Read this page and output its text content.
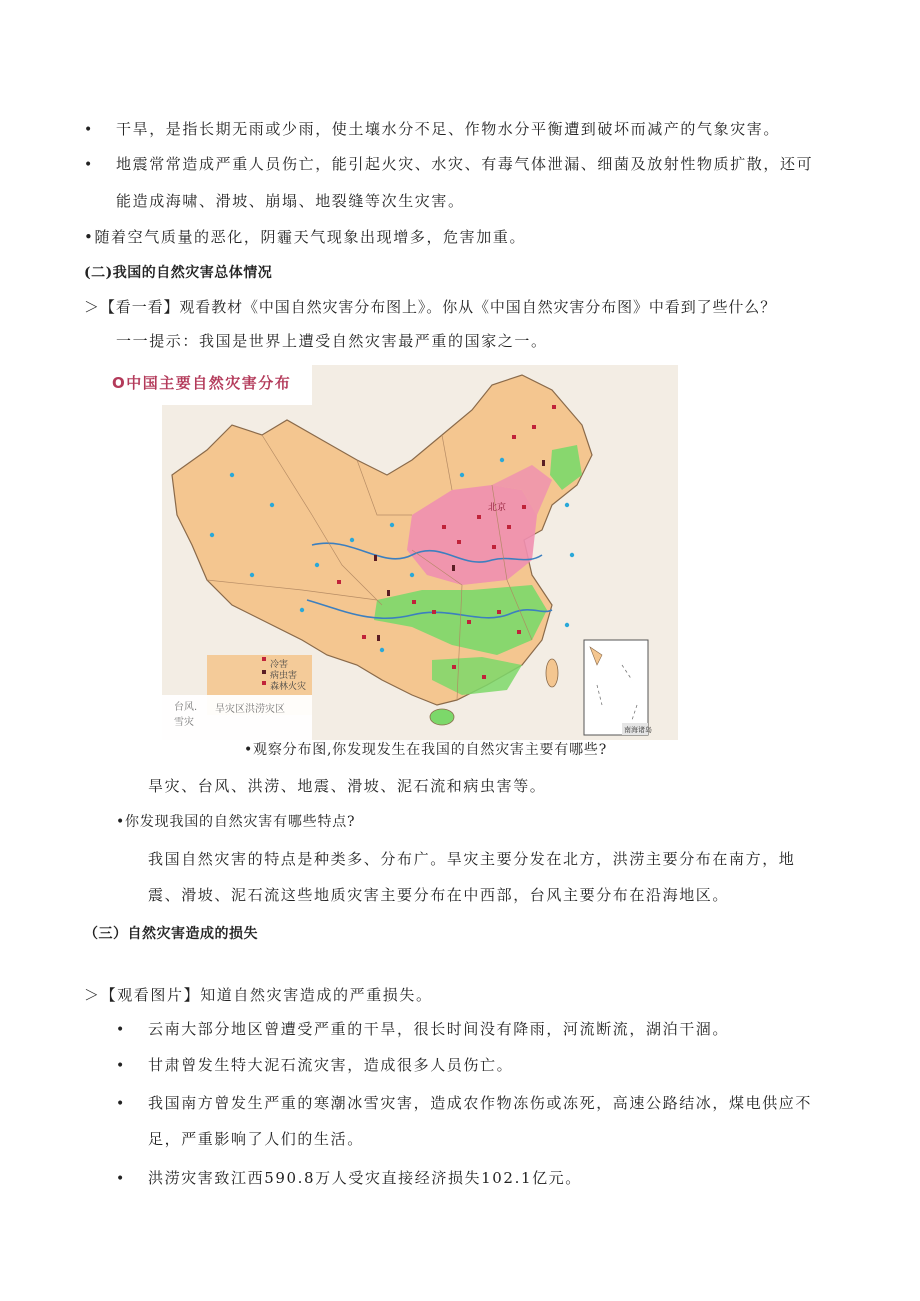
• 干旱，是指长期无雨或少雨，使土壤水分不足、作物水分平衡遭到破坏而减产的气象灾害。
• 地震常常造成严重人员伤亡，能引起火灾、水灾、有毒气体泄漏、细菌及放射性物质扩散，还可
能造成海啸、滑坡、崩塌、地裂缝等次生灾害。
•随着空气质量的恶化，阴霾天气现象出现增多，危害加重。
(二)我国的自然灾害总体情况
＞【看一看】观看教材《中国自然灾害分布图上》。你从《中国自然灾害分布图》中看到了些什么？
一一提示：我国是世界上遭受自然灾害最严重的国家之一。
北京
南海诸岛
冷害
病虫害
森林火灾
台风.
雪灾
旱灾区洪涝灾区
O中国主要自然灾害分布
•观察分布图,你发现发生在我国的自然灾害主要有哪些?
旱灾、台风、洪涝、地震、滑坡、泥石流和病虫害等。
•你发现我国的自然灾害有哪些特点?
我国自然灾害的特点是种类多、分布广。旱灾主要分发在北方，洪涝主要分布在南方，地
震、滑坡、泥石流这些地质灾害主要分布在中西部，台风主要分布在沿海地区。
（三）自然灾害造成的损失
＞【观看图片】知道自然灾害造成的严重损失。
• 云南大部分地区曾遭受严重的干旱，很长时间没有降雨，河流断流，湖泊干涸。
• 甘肃曾发生特大泥石流灾害，造成很多人员伤亡。
• 我国南方曾发生严重的寒潮冰雪灾害，造成农作物冻伤或冻死，高速公路结冰，煤电供应不
足，严重影响了人们的生活。
• 洪涝灾害致江西590.8万人受灾直接经济损失102.1亿元。
